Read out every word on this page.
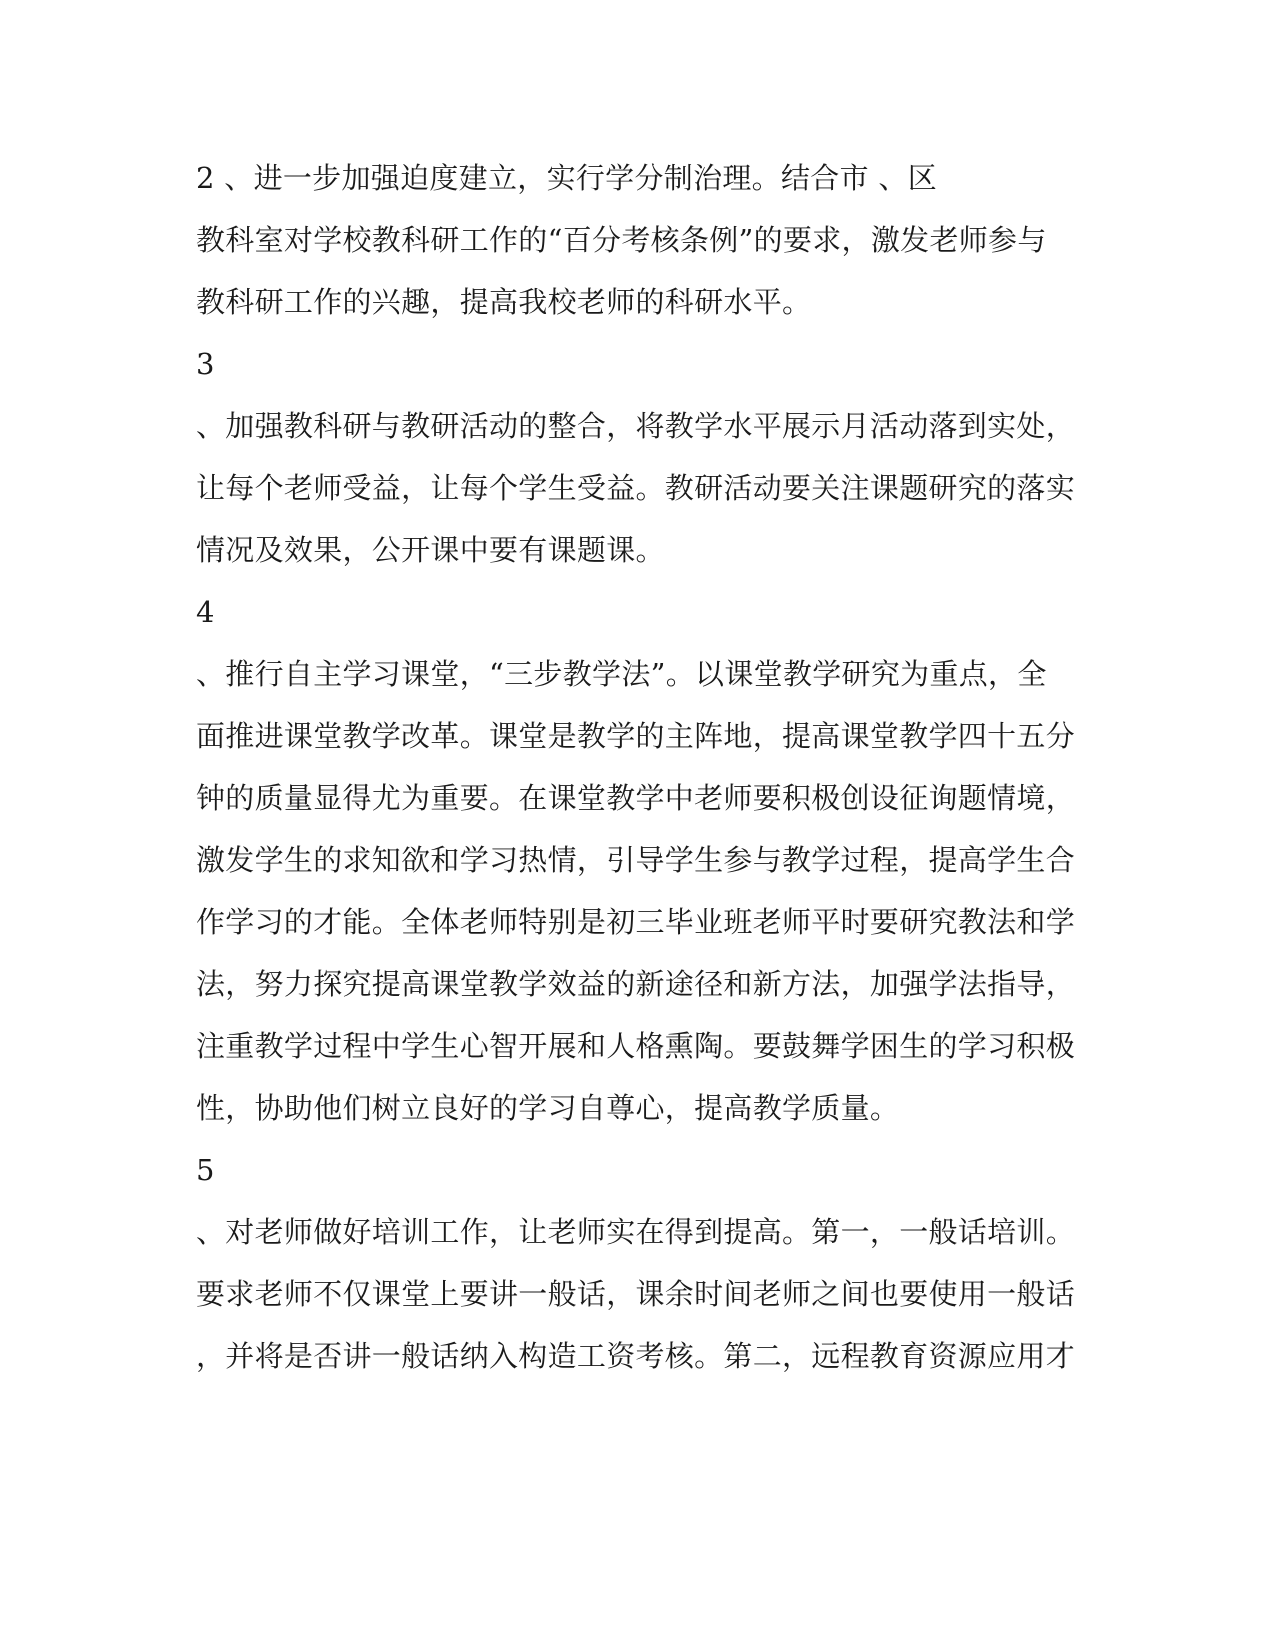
2 、进一步加强迫度建立，实行学分制治理。结合市 、区
教科室对学校教科研工作的“百分考核条例”的要求，激发老师参与
教科研工作的兴趣，提高我校老师的科研水平。
3
、加强教科研与教研活动的整合，将教学水平展示月活动落到实处，
让每个老师受益，让每个学生受益。教研活动要关注课题研究的落实
情况及效果，公开课中要有课题课。
4
、推行自主学习课堂，“三步教学法”。以课堂教学研究为重点，全
面推进课堂教学改革。课堂是教学的主阵地，提高课堂教学四十五分
钟的质量显得尤为重要。在课堂教学中老师要积极创设征询题情境，
激发学生的求知欲和学习热情，引导学生参与教学过程，提高学生合
作学习的才能。全体老师特别是初三毕业班老师平时要研究教法和学
法，努力探究提高课堂教学效益的新途径和新方法，加强学法指导，
注重教学过程中学生心智开展和人格熏陶。要鼓舞学困生的学习积极
性，协助他们树立良好的学习自尊心，提高教学质量。
5
、对老师做好培训工作，让老师实在得到提高。第一，一般话培训。
要求老师不仅课堂上要讲一般话，课余时间老师之间也要使用一般话
，并将是否讲一般话纳入构造工资考核。第二，远程教育资源应用才
